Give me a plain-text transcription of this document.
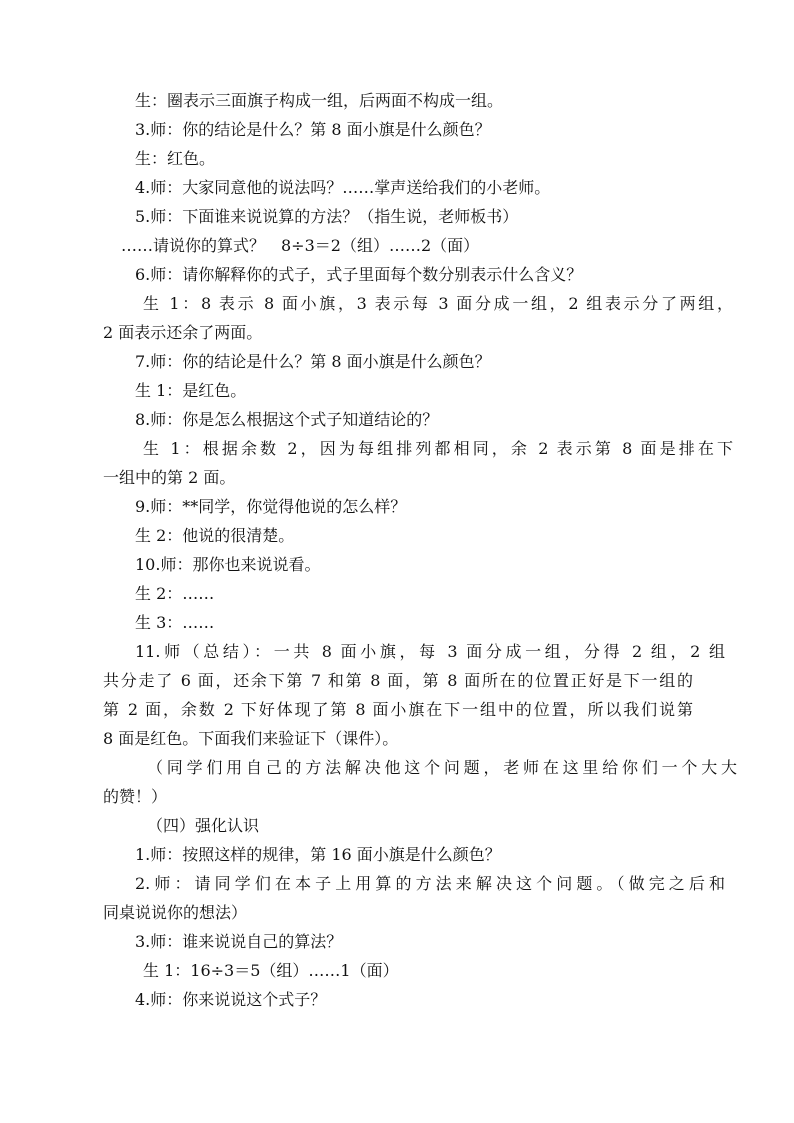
生：圈表示三面旗子构成一组，后两面不构成一组。
3.师：你的结论是什么？第 8 面小旗是什么颜色？
生：红色。
4.师：大家同意他的说法吗？……掌声送给我们的小老师。
5.师：下面谁来说说算的方法？（指生说，老师板书）
……请说你的算式？　8÷3＝2（组）……2（面）
6.师：请你解释你的式子，式子里面每个数分别表示什么含义？
生 1：8 表示 8 面小旗，3 表示每 3 面分成一组，2 组表示分了两组，
2 面表示还余了两面。
7.师：你的结论是什么？第 8 面小旗是什么颜色？
生 1：是红色。
8.师：你是怎么根据这个式子知道结论的？
生 1：根据余数 2，因为每组排列都相同，余 2 表示第 8 面是排在下
一组中的第 2 面。
9.师：**同学，你觉得他说的怎么样？
生 2：他说的很清楚。
10.师：那你也来说说看。
生 2：……
生 3：……
11.师（总结）：一共 8 面小旗，每 3 面分成一组，分得 2 组，2 组
共分走了 6 面，还余下第 7 和第 8 面，第 8 面所在的位置正好是下一组的
第 2 面，余数 2 下好体现了第 8 面小旗在下一组中的位置，所以我们说第
8 面是红色。下面我们来验证下（课件）。
（同学们用自己的方法解决他这个问题，老师在这里给你们一个大大
的赞！）
（四）强化认识
1.师：按照这样的规律，第 16 面小旗是什么颜色？
2.师：请同学们在本子上用算的方法来解决这个问题。（做完之后和
同桌说说你的想法）
3.师：谁来说说自己的算法？
生 1：16÷3＝5（组）……1（面）
4.师：你来说说这个式子？
